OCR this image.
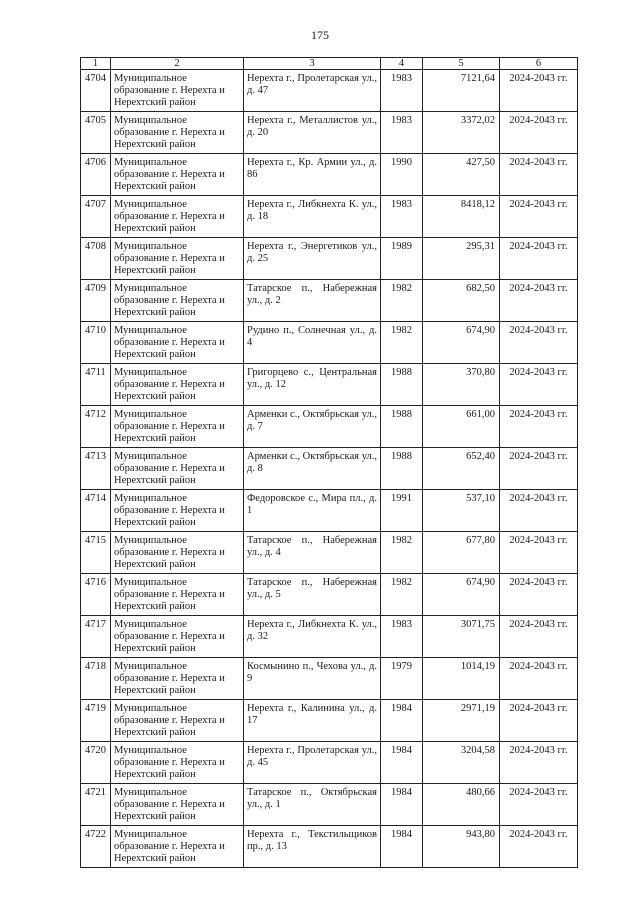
175
1	2	3	4	5	6
4704	Муниципальное образование г. Нерехта и Нерехтский район	Нерехта г., Пролетарская ул., д. 47	1983	7121,64	2024-2043 гг.
4705	Муниципальное образование г. Нерехта и Нерехтский район	Нерехта г., Металлистов ул., д. 20	1983	3372,02	2024-2043 гг.
4706	Муниципальное образование г. Нерехта и Нерехтский район	Нерехта г., Кр. Армии ул., д. 86	1990	427,50	2024-2043 гг.
4707	Муниципальное образование г. Нерехта и Нерехтский район	Нерехта г., Либкнехта К. ул., д. 18	1983	8418,12	2024-2043 гг.
4708	Муниципальное образование г. Нерехта и Нерехтский район	Нерехта г., Энергетиков ул., д. 25	1989	295,31	2024-2043 гг.
4709	Муниципальное образование г. Нерехта и Нерехтский район	Татарское п., Набережная ул., д. 2	1982	682,50	2024-2043 гг.
4710	Муниципальное образование г. Нерехта и Нерехтский район	Рудино п., Солнечная ул., д. 4	1982	674,90	2024-2043 гг.
4711	Муниципальное образование г. Нерехта и Нерехтский район	Григорцево с., Центральная ул., д. 12	1988	370,80	2024-2043 гг.
4712	Муниципальное образование г. Нерехта и Нерехтский район	Арменки с., Октябрьская ул., д. 7	1988	661,00	2024-2043 гг.
4713	Муниципальное образование г. Нерехта и Нерехтский район	Арменки с., Октябрьская ул., д. 8	1988	652,40	2024-2043 гг.
4714	Муниципальное образование г. Нерехта и Нерехтский район	Федоровское с., Мира пл., д. 1	1991	537,10	2024-2043 гг.
4715	Муниципальное образование г. Нерехта и Нерехтский район	Татарское п., Набережная ул., д. 4	1982	677,80	2024-2043 гг.
4716	Муниципальное образование г. Нерехта и Нерехтский район	Татарское п., Набережная ул., д. 5	1982	674,90	2024-2043 гг.
4717	Муниципальное образование г. Нерехта и Нерехтский район	Нерехта г., Либкнехта К. ул., д. 32	1983	3071,75	2024-2043 гг.
4718	Муниципальное образование г. Нерехта и Нерехтский район	Космынино п., Чехова ул., д. 9	1979	1014,19	2024-2043 гг.
4719	Муниципальное образование г. Нерехта и Нерехтский район	Нерехта г., Калинина ул., д. 17	1984	2971,19	2024-2043 гг.
4720	Муниципальное образование г. Нерехта и Нерехтский район	Нерехта г., Пролетарская ул., д. 45	1984	3204,58	2024-2043 гг.
4721	Муниципальное образование г. Нерехта и Нерехтский район	Татарское п., Октябрьская ул., д. 1	1984	480,66	2024-2043 гг.
4722	Муниципальное образование г. Нерехта и Нерехтский район	Нерехта г., Текстильщиков пр., д. 13	1984	943,80	2024-2043 гг.
